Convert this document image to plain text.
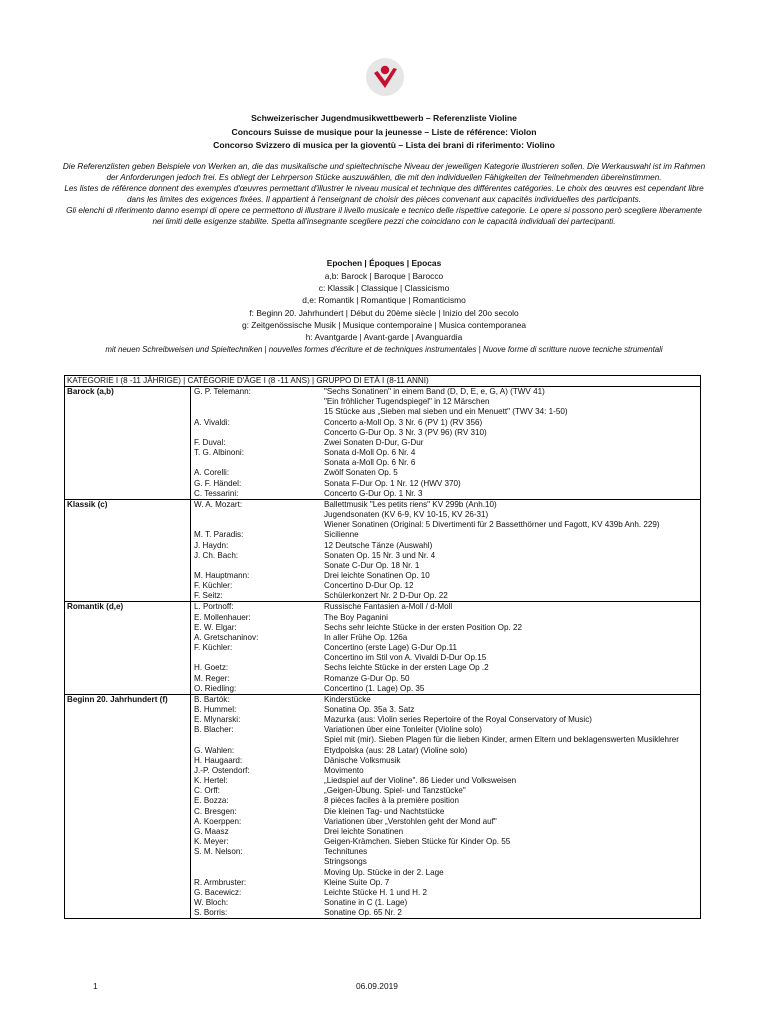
Schweizerischer Jugendmusikwettbewerb – Referenzliste Violine
Concours Suisse de musique pour la jeunesse – Liste de référence: Violon
Concorso Svizzero di musica per la gioventù – Lista dei brani di riferimento: Violino

Die Referenzlisten geben Beispiele von Werken an, die das musikalische und spieltechnische Niveau der jeweiligen Kategorie illustrieren sollen. Die Werkauswahl ist im Rahmen der Anforderungen jedoch frei. Es obliegt der Lehrperson Stücke auszuwählen, die mit den individuellen Fähigkeiten der Teilnehmenden übereinstimmen.

Les listes de référence donnent des exemples d'œuvres permettant d'illustrer le niveau musical et technique des différentes catégories. Le choix des œuvres est cependant libre dans les limites des exigences fixées. Il appartient à l'enseignant de choisir des pièces convenant aux capacités individuelles des participants.

Gli elenchi di riferimento danno esempi di opere ce permettono di illustrare il livello musicale e tecnico delle rispettive categorie. Le opere si possono però scegliere liberamente nei limiti delle esigenze stabilite. Spetta all'insegnante scegliere pezzi che coincidano con le capacità individuali dei partecipanti.

Epochen | Époques | Epocas
a,b: Barock | Baroque | Barocco
c: Klassik | Classique | Classicismo
d,e: Romantik | Romantique | Romanticismo
f: Beginn 20. Jahrhundert | Début du 20ème siècle | Inizio del 20o secolo
g: Zeitgenössische Musik | Musique contemporaine | Musica contemporanea
h: Avantgarde | Avant-garde | Avanguardia
mit neuen Schreibweisen und Spieltechniken | nouvelles formes d'écriture et de techniques instrumentales | Nuove forme di scritture nuove tecniche strumentali
KATEGORIE I (8 -11 JÄHRIGE) | CATÉGORIE D'ÂGE I (8 -11 ANS) | GRUPPO DI ETÀ I (8-11 ANNI)
Barock (a,b)	G. P. Telemann:	"Sechs Sonatinen" in einem Band (D, D, E, e, G, A) (TWV 41)
"Ein fröhlicher Tugendspiegel" in 12 Märschen
15 Stücke aus „Sieben mal sieben und ein Menuett" (TWV 34: 1-50)
A. Vivaldi:	Concerto a-Moll Op. 3 Nr. 6 (PV 1) (RV 356)
Concerto G-Dur Op. 3 Nr. 3 (PV 96) (RV 310)
F. Duval:	Zwei Sonaten D-Dur, G-Dur
T. G. Albinoni:	Sonata d-Moll Op. 6 Nr. 4
Sonata a-Moll Op. 6 Nr. 6
A. Corelli:	Zwölf Sonaten Op. 5
G. F. Händel:	Sonata F-Dur Op. 1 Nr. 12 (HWV 370)
C. Tessarini:	Concerto G-Dur Op. 1 Nr. 3
Klassik (c)	W. A. Mozart:	Ballettmusik "Les petits riens" KV 299b (Anh.10)
Jugendsonaten (KV 6-9, KV 10-15, KV 26-31)
Wiener Sonatinen (Original: 5 Divertimenti für 2 Bassetthörner und Fagott, KV 439b Anh. 229)
M. T. Paradis:	Sicilienne
J. Haydn:	12 Deutsche Tänze (Auswahl)
J. Ch. Bach:	Sonaten Op. 15 Nr. 3 und Nr. 4
Sonate C-Dur Op. 18 Nr. 1
M. Hauptmann:	Drei leichte Sonatinen Op. 10
F. Küchler:	Concertino D-Dur Op. 12
F. Seitz:	Schülerkonzert Nr. 2 D-Dur Op. 22
Romantik (d,e)	L. Portnoff:	Russische Fantasien a-Moll / d-Moll
E. Mollenhauer:	The Boy Paganini
E. W. Elgar:	Sechs sehr leichte Stücke in der ersten Position Op. 22
A. Gretschaninov:	In aller Frühe Op. 126a
F. Küchler:	Concertino (erste Lage) G-Dur Op.11
Concertino im Stil von A. Vivaldi D-Dur Op.15
H. Goetz:	Sechs leichte Stücke in der ersten Lage Op .2
M. Reger:	Romanze G-Dur Op. 50
O. Riedling:	Concertino (1. Lage) Op. 35
Beginn 20. Jahrhundert (f)	B. Bartók:	Kinderstücke
B. Hummel:	Sonatina Op. 35a 3. Satz
E. Mlynarski:	Mazurka (aus: Violin series Repertoire of the Royal Conservatory of Music)
B. Blacher:	Variationen über eine Tonleiter (Violine solo)
Spiel mit (mir). Sieben Plagen für die lieben Kinder, armen Eltern und beklagenswerten Musiklehrer
G. Wahlen:	Etydpolska (aus: 28 Latar) (Violine solo)
H. Haugaard:	Dänische Volksmusik
J.-P. Ostendorf:	Movimento
K. Hertel:	„Liedspiel auf der Violine". 86 Lieder und Volksweisen
C. Orff:	„Geigen-Übung. Spiel- und Tanzstücke"
E. Bozza:	8 pièces faciles à la première position
C. Bresgen:	Die kleinen Tag- und Nachtstücke
A. Koerppen:	Variationen über „Verstohlen geht der Mond auf"
G. Maasz	Drei leichte Sonatinen
K. Meyer:	Geigen-Krämchen. Sieben Stücke für Kinder Op. 55
S. M. Nelson:	Technitunes
Stringsongs
Moving Up. Stücke in der 2. Lage
R. Armbruster:	Kleine Suite Op. 7
G. Bacewicz:	Leichte Stücke H. 1 und H. 2
W. Bloch:	Sonatine in C (1. Lage)
S. Borris:	Sonatine Op. 65 Nr. 2
1	06.09.2019
